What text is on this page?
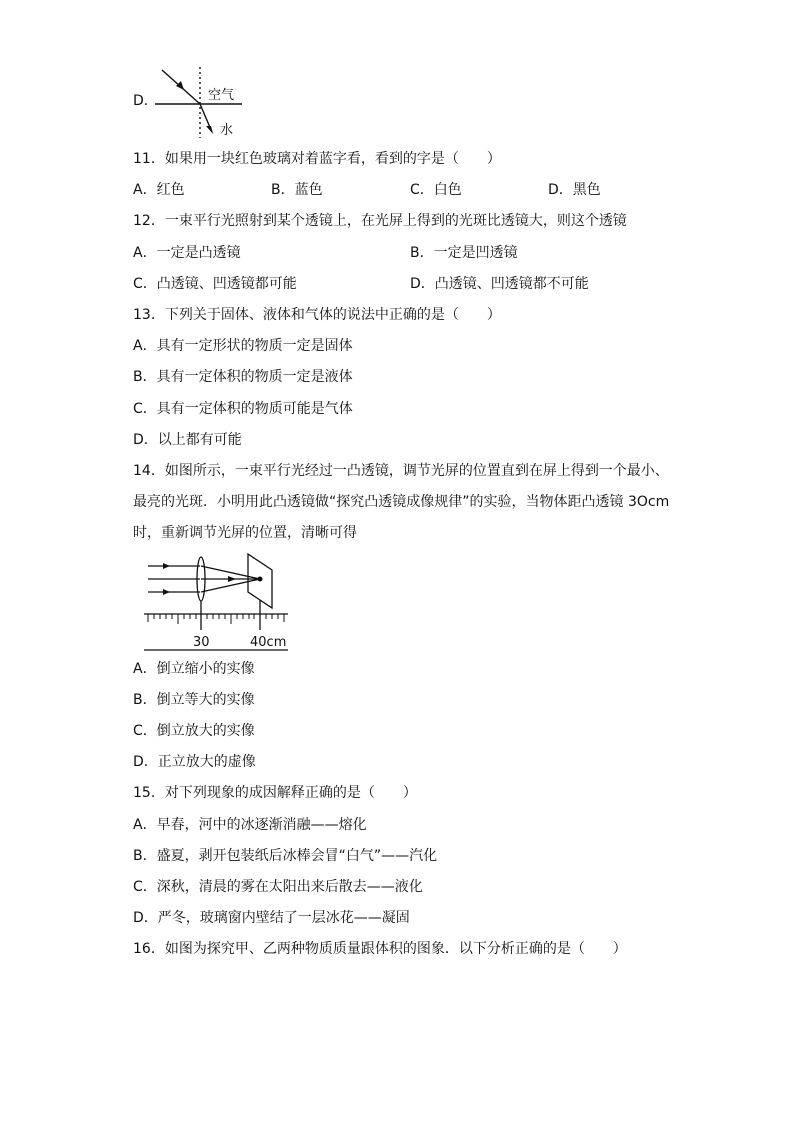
D．	空气
水
11．如果用一块红色玻璃对着蓝字看，看到的字是（　　）
A．红色	B．蓝色	C．白色	D．黑色
12．一束平行光照射到某个透镜上，在光屏上得到的光斑比透镜大，则这个透镜
A．一定是凸透镜	B．一定是凹透镜
C．凸透镜、凹透镜都可能	D．凸透镜、凹透镜都不可能
13．下列关于固体、液体和气体的说法中正确的是（　　）
A．具有一定形状的物质一定是固体
B．具有一定体积的物质一定是液体
C．具有一定体积的物质可能是气体
D．以上都有可能
14．如图所示，一束平行光经过一凸透镜，调节光屏的位置直到在屏上得到一个最小、
最亮的光斑．小明用此凸透镜做“探究凸透镜成像规律”的实验，当物体距凸透镜 3Ocm
时，重新调节光屏的位置，清晰可得
30	40cm
A．倒立缩小的实像
B．倒立等大的实像
C．倒立放大的实像
D．正立放大的虚像
15．对下列现象的成因解释正确的是（　　）
A．早春，河中的冰逐渐消融——熔化
B．盛夏，剥开包装纸后冰棒会冒“白气”——汽化
C．深秋，清晨的雾在太阳出来后散去——液化
D．严冬，玻璃窗内壁结了一层冰花——凝固
16．如图为探究甲、乙两种物质质量跟体积的图象．以下分析正确的是（　　）
